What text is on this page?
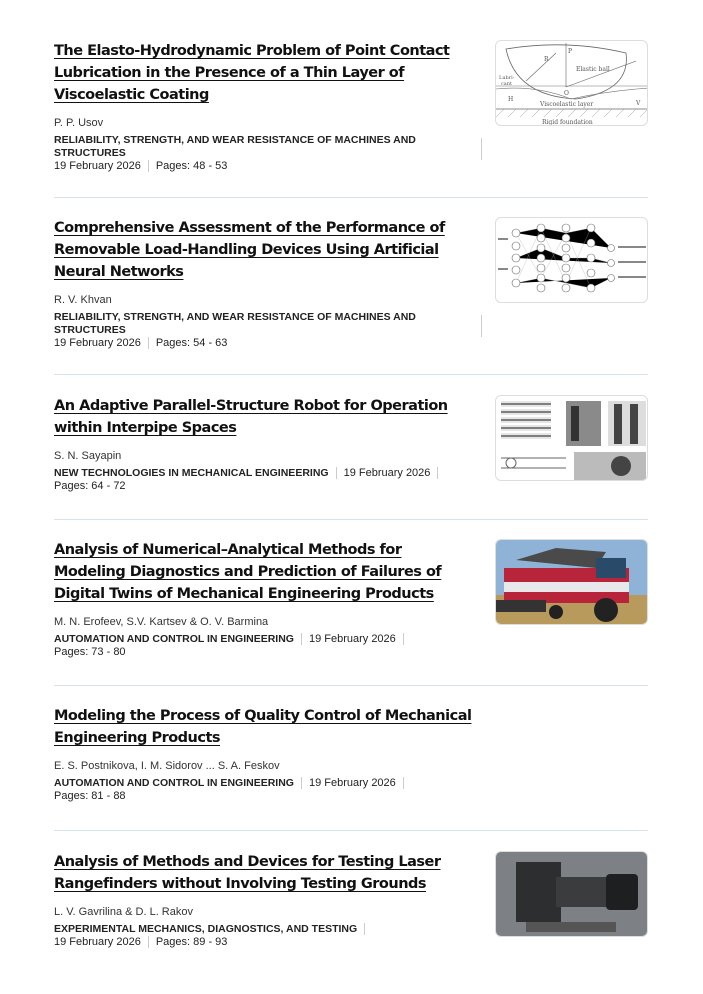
The Elasto-Hydrodynamic Problem of Point Contact Lubrication in the Presence of a Thin Layer of Viscoelastic Coating
P. P. Usov
RELIABILITY, STRENGTH, AND WEAR RESISTANCE OF MACHINES AND STRUCTURES

19 February 2026 Pages: 48 - 53
R
P
Elastic ball
Lubri-
cant
O
H
Viscoelastic layer	V
Rigid foundation
Comprehensive Assessment of the Performance of Removable Load-Handling Devices Using Artificial Neural Networks
R. V. Khvan
RELIABILITY, STRENGTH, AND WEAR RESISTANCE OF MACHINES AND STRUCTURES

19 February 2026 Pages: 54 - 63
An Adaptive Parallel-Structure Robot for Operation within Interpipe Spaces
S. N. Sayapin
NEW TECHNOLOGIES IN MECHANICAL ENGINEERING 19 February 2026
Pages: 64 - 72
Analysis of Numerical–Analytical Methods for Modeling Diagnostics and Prediction of Failures of Digital Twins of Mechanical Engineering Products
M. N. Erofeev, S.V. Kartsev & O. V. Barmina
AUTOMATION AND CONTROL IN ENGINEERING 19 February 2026
Pages: 73 - 80
Modeling the Process of Quality Control of Mechanical Engineering Products
E. S. Postnikova, I. M. Sidorov ... S. A. Feskov
AUTOMATION AND CONTROL IN ENGINEERING 19 February 2026
Pages: 81 - 88
Analysis of Methods and Devices for Testing Laser Rangefinders without Involving Testing Grounds
L. V. Gavrilina & D. L. Rakov
EXPERIMENTAL MECHANICS, DIAGNOSTICS, AND TESTING
19 February 2026 Pages: 89 - 93
